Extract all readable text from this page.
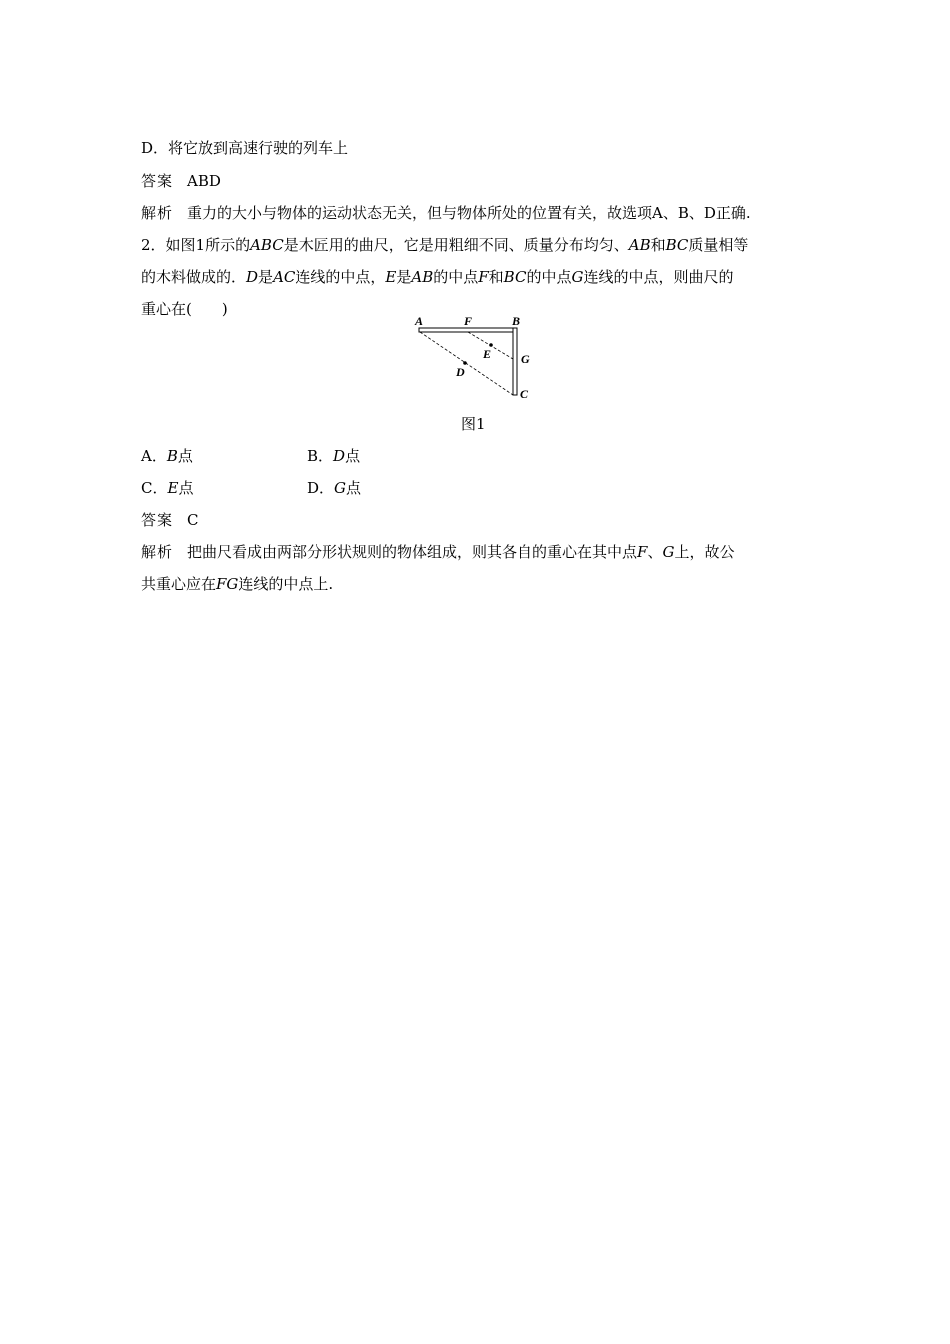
D．将它放到高速行驶的列车上
答案 ABD
解析 重力的大小与物体的运动状态无关，但与物体所处的位置有关，故选项A、B、D正确.
2．如图1所示的ABC是木匠用的曲尺，它是用粗细不同、质量分布均匀、AB和BC质量相等
的木料做成的．D是AC连线的中点，E是AB的中点F和BC的中点G连线的中点，则曲尺的
重心在(　　)
A	F	B
E G
D
C
图1
A．B点	B．D点
C．E点	D．G点
答案 C
解析 把曲尺看成由两部分形状规则的物体组成，则其各自的重心在其中点F、G上，故公
共重心应在FG连线的中点上.
